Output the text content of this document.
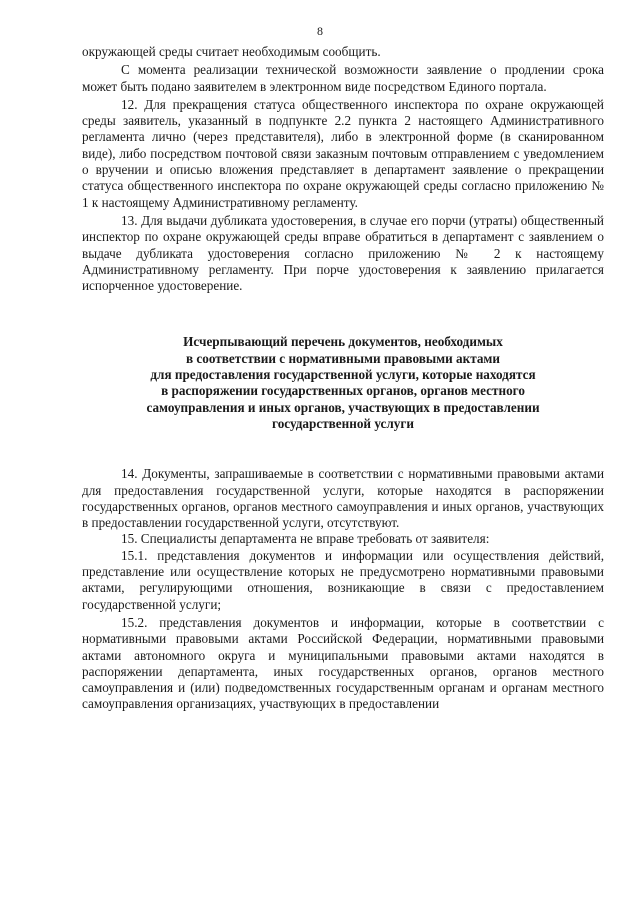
8

окружающей среды считает необходимым сообщить.

С момента реализации технической возможности заявление о продлении срока может быть подано заявителем в электронном виде посредством Единого портала.

12. Для прекращения статуса общественного инспектора по охране окружающей среды заявитель, указанный в подпункте 2.2 пункта 2 настоящего Административного регламента лично (через представителя), либо в электронной форме (в сканированном виде), либо посредством почтовой связи заказным почтовым отправлением с уведомлением о вручении и описью вложения представляет в департамент заявление о прекращении статуса общественного инспектора по охране окружающей среды согласно приложению № 1 к настоящему Административному регламенту.

13. Для выдачи дубликата удостоверения, в случае его порчи (утраты) общественный инспектор по охране окружающей среды вправе обратиться в департамент с заявлением о выдаче дубликата удостоверения согласно приложению № 2 к настоящему Административному регламенту. При порче удостоверения к заявлению прилагается испорченное удостоверение.

Исчерпывающий перечень документов, необходимых
в соответствии с нормативными правовыми актами
для предоставления государственной услуги, которые находятся
в распоряжении государственных органов, органов местного
самоуправления и иных органов, участвующих в предоставлении
государственной услуги

14. Документы, запрашиваемые в соответствии с нормативными правовыми актами для предоставления государственной услуги, которые находятся в распоряжении государственных органов, органов местного самоуправления и иных органов, участвующих в предоставлении государственной услуги, отсутствуют.

15. Специалисты департамента не вправе требовать от заявителя:

15.1. представления документов и информации или осуществления действий, представление или осуществление которых не предусмотрено нормативными правовыми актами, регулирующими отношения, возникающие в связи с предоставлением государственной услуги;

15.2. представления документов и информации, которые в соответствии с нормативными правовыми актами Российской Федерации, нормативными правовыми актами автономного округа и муниципальными правовыми актами находятся в распоряжении департамента, иных государственных органов, органов местного самоуправления и (или) подведомственных государственным органам и органам местного самоуправления организациях, участвующих в предоставлении
